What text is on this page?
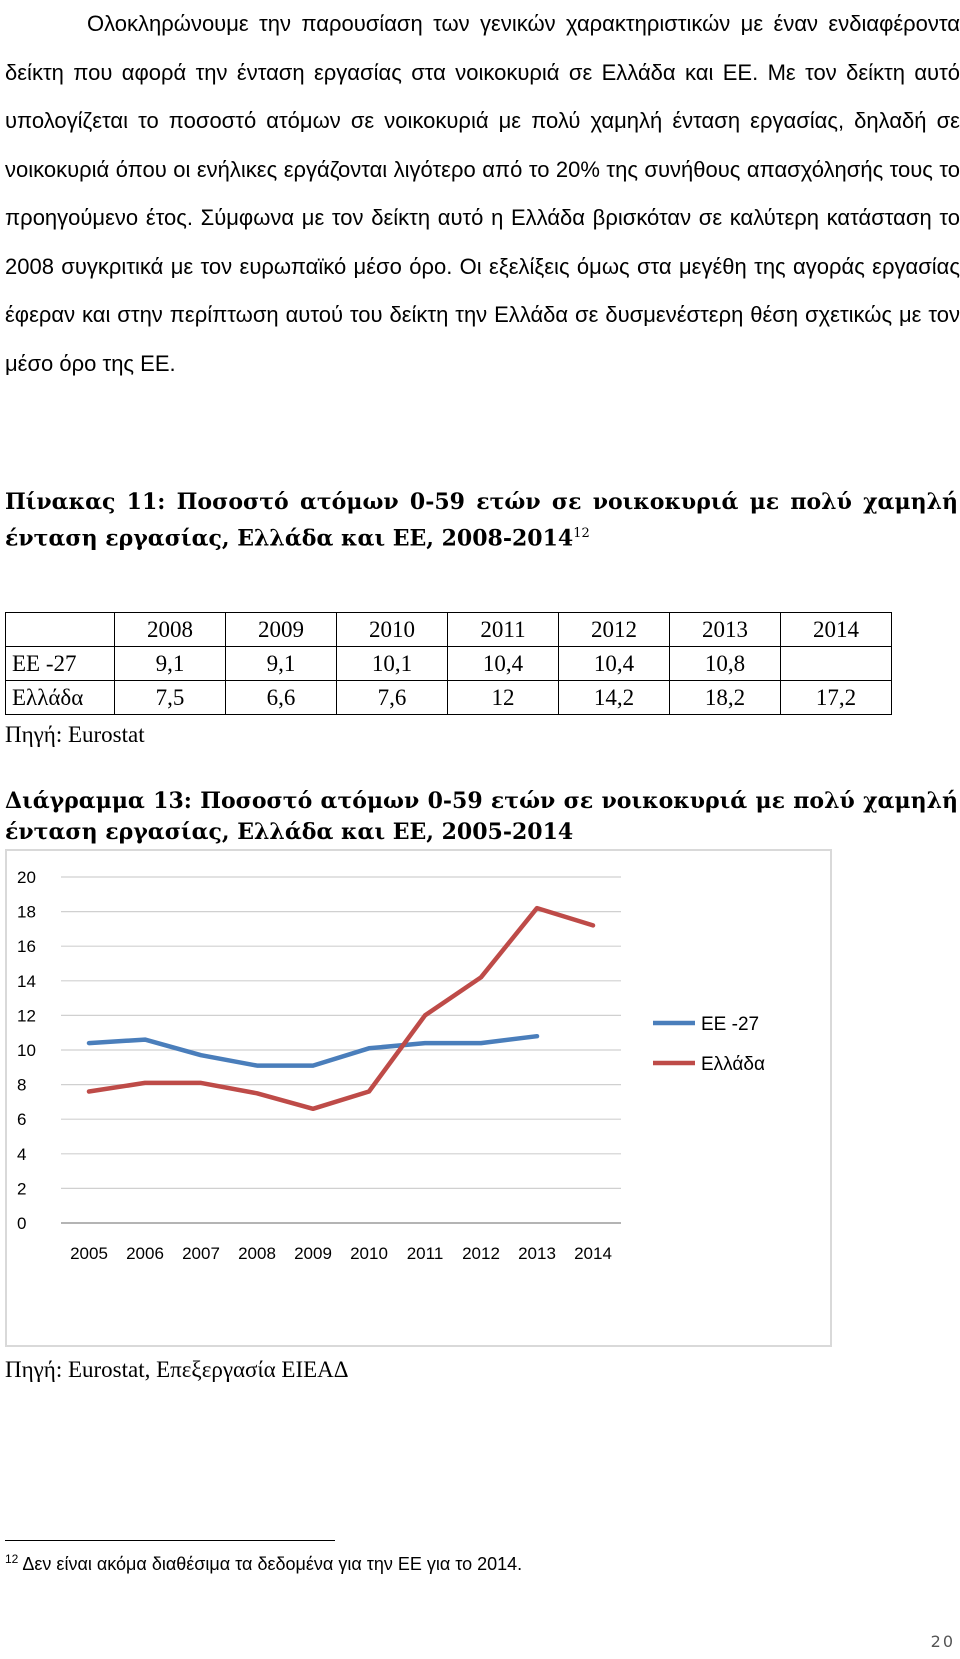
Ολοκληρώνουμε την παρουσίαση των γενικών χαρακτηριστικών με έναν ενδιαφέροντα δείκτη που αφορά την ένταση εργασίας στα νοικοκυριά σε Ελλάδα και ΕΕ. Με τον δείκτη αυτό υπολογίζεται το ποσοστό ατόμων σε νοικοκυριά με πολύ χαμηλή ένταση εργασίας, δηλαδή σε νοικοκυριά όπου οι ενήλικες εργάζονται λιγότερο από το 20% της συνήθους απασχόλησής τους το προηγούμενο έτος. Σύμφωνα με τον δείκτη αυτό η Ελλάδα βρισκόταν σε καλύτερη κατάσταση το 2008 συγκριτικά με τον ευρωπαϊκό μέσο όρο. Οι εξελίξεις όμως στα μεγέθη της αγοράς εργασίας έφεραν και στην περίπτωση αυτού του δείκτη την Ελλάδα σε δυσμενέστερη θέση σχετικώς με τον μέσο όρο της ΕΕ.

Πίνακας 11: Ποσοστό ατόμων 0-59 ετών σε νοικοκυριά με πολύ χαμηλή ένταση εργασίας, Ελλάδα και ΕΕ, 2008-2014$^{12}$

	2008	2009	2010	2011	2012	2013	2014
ΕΕ -27	9,1	9,1	10,1	10,4	10,4	10,8	
Ελλάδα	7,5	6,6	7,6	12	14,2	18,2	17,2
Πηγή: Eurostat

Διάγραμμα 13: Ποσοστό ατόμων 0-59 ετών σε νοικοκυριά με πολύ χαμηλή ένταση εργασίας, Ελλάδα και ΕΕ, 2005-2014

0
2
4
6
8
10
12
14
16
18
20
2005 2006 2007 2008 2009 2010 2011 2012 2013 2014
ΕΕ -27
Ελλάδα
Πηγή: Eurostat, Επεξεργασία ΕΙΕΑΔ
$^{12}$ Δεν είναι ακόμα διαθέσιμα τα δεδομένα για την ΕΕ για το 2014.
20
